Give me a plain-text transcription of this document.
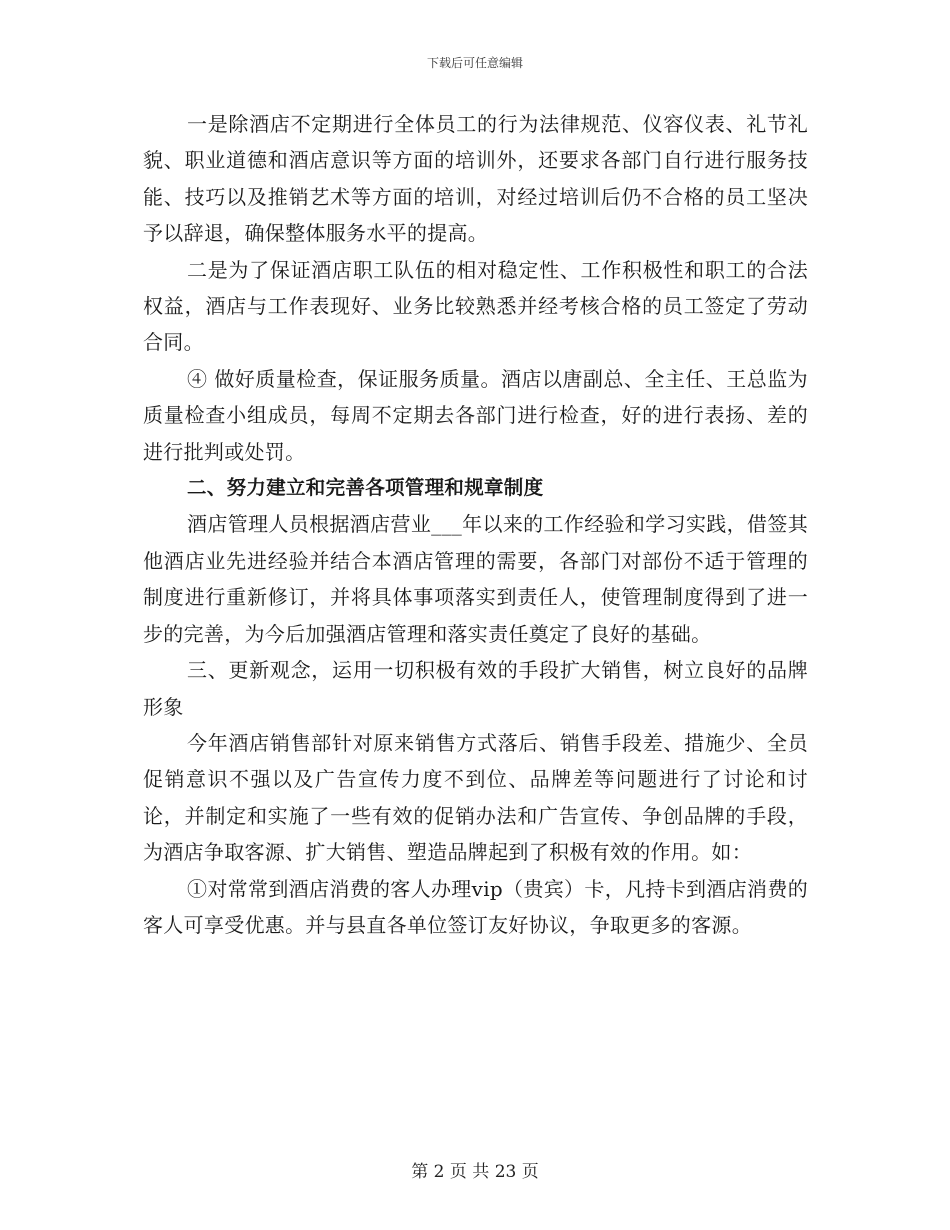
下载后可任意编辑

一是除酒店不定期进行全体员工的行为法律规范、仪容仪表、礼节礼貌、职业道德和酒店意识等方面的培训外，还要求各部门自行进行服务技能、技巧以及推销艺术等方面的培训，对经过培训后仍不合格的员工坚决予以辞退，确保整体服务水平的提高。

二是为了保证酒店职工队伍的相对稳定性、工作积极性和职工的合法权益，酒店与工作表现好、业务比较熟悉并经考核合格的员工签定了劳动合同。

④ 做好质量检查，保证服务质量。酒店以唐副总、全主任、王总监为质量检查小组成员，每周不定期去各部门进行检查，好的进行表扬、差的进行批判或处罚。

二、努力建立和完善各项管理和规章制度

酒店管理人员根据酒店营业___年以来的工作经验和学习实践，借签其他酒店业先进经验并结合本酒店管理的需要，各部门对部份不适于管理的制度进行重新修订，并将具体事项落实到责任人，使管理制度得到了进一步的完善，为今后加强酒店管理和落实责任奠定了良好的基础。

三、更新观念，运用一切积极有效的手段扩大销售，树立良好的品牌形象

今年酒店销售部针对原来销售方式落后、销售手段差、措施少、全员促销意识不强以及广告宣传力度不到位、品牌差等问题进行了讨论和讨论，并制定和实施了一些有效的促销办法和广告宣传、争创品牌的手段，为酒店争取客源、扩大销售、塑造品牌起到了积极有效的作用。如：

①对常常到酒店消费的客人办理vip（贵宾）卡，凡持卡到酒店消费的客人可享受优惠。并与县直各单位签订友好协议，争取更多的客源。

第 2 页 共 23 页
